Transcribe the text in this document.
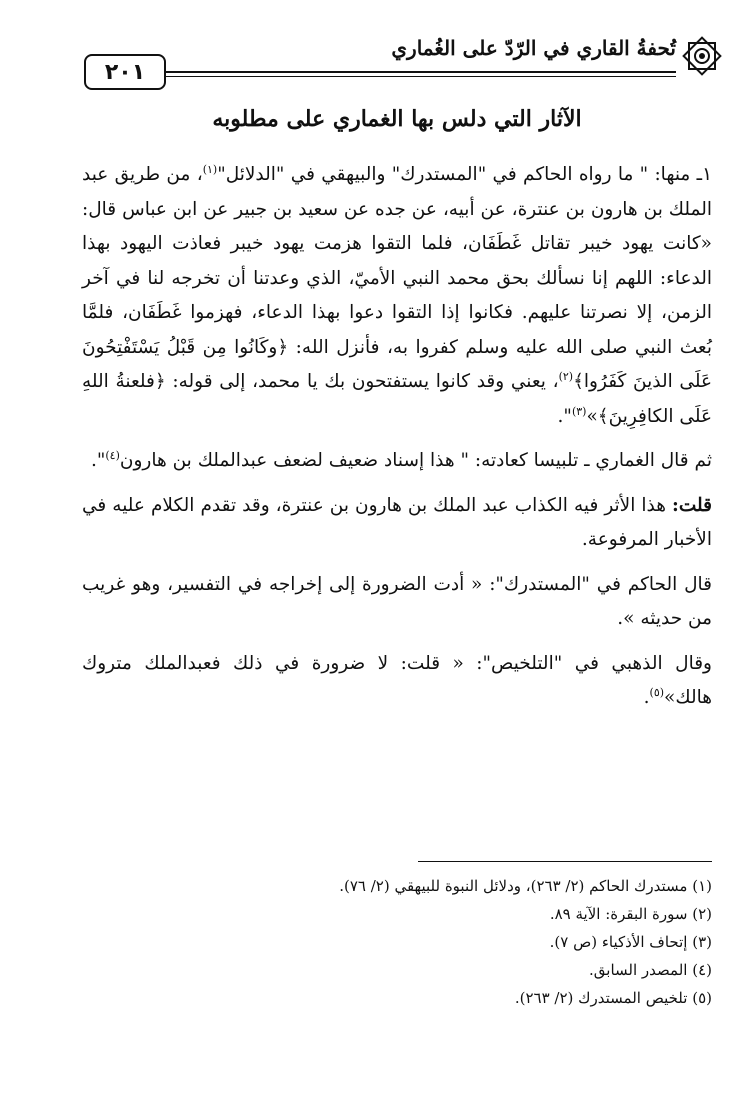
٢٠١
تُحفةُ القاري في الرّدّ على الغُماري
الآثار التي دلس بها الغماري على مطلوبه

١ـ منها: " ما رواه الحاكم في "المستدرك" والبيهقي في "الدلائل"$^{(١)}$، من طريق عبد الملك بن هارون بن عنترة، عن أبيه، عن جده عن سعيد بن جبير عن ابن عباس قال: «كانت يهود خيبر تقاتل غَطَفَان، فلما التقوا هزمت يهود خيبر فعاذت اليهود بهذا الدعاء: اللهم إنا نسألك بحق محمد النبي الأميّ، الذي وعدتنا أن تخرجه لنا في آخر الزمن، إلا نصرتنا عليهم. فكانوا إذا التقوا دعوا بهذا الدعاء، فهزموا غَطَفَان، فلمَّا بُعث النبي صلى الله عليه وسلم كفروا به، فأنزل الله: ﴿وكَانُوا مِن قَبْلُ يَسْتَفْتِحُونَ عَلَى الذينَ كَفَرُوا﴾$^{(٢)}$، يعني وقد كانوا يستفتحون بك يا محمد، إلى قوله: ﴿فلعنةُ اللهِ عَلَى الكافِرِينَ﴾»$^{(٣)}$".

ثم قال الغماري ـ تلبيسا كعادته: " هذا إسناد ضعيف لضعف عبدالملك بن هارون$^{(٤)}$".

قلت: هذا الأثر فيه الكذاب عبد الملك بن هارون بن عنترة، وقد تقدم الكلام عليه في الأخبار المرفوعة.

قال الحاكم في "المستدرك": « أدت الضرورة إلى إخراجه في التفسير، وهو غريب من حديثه ».

وقال الذهبي في "التلخيص": « قلت: لا ضرورة في ذلك فعبدالملك متروك هالك»$^{(٥)}$.

(١) مستدرك الحاكم (٢/ ٢٦٣)، ودلائل النبوة للبيهقي (٢/ ٧٦).
(٢) سورة البقرة: الآية ٨٩.
(٣) إتحاف الأذكياء (ص ٧).
(٤) المصدر السابق.
(٥) تلخيص المستدرك (٢/ ٢٦٣).
